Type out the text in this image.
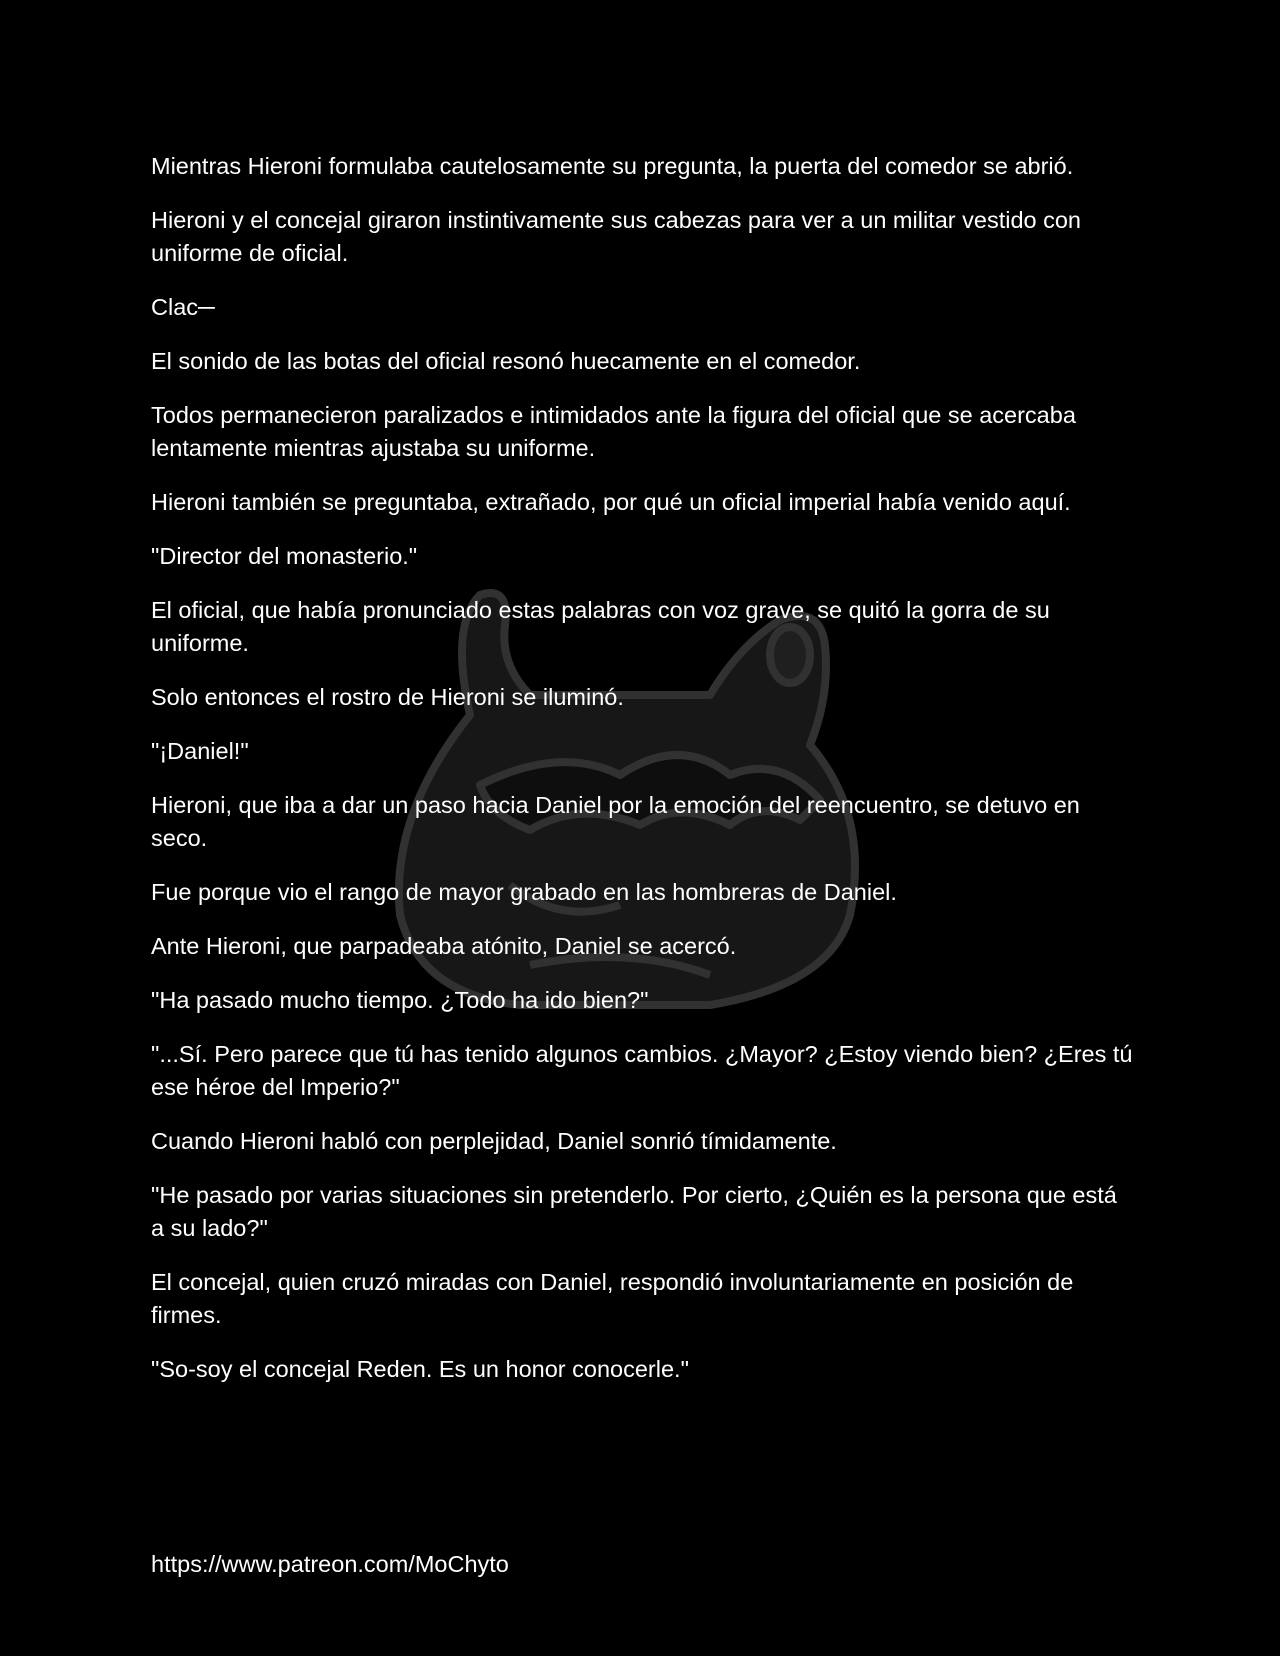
Mientras Hieroni formulaba cautelosamente su pregunta, la puerta del comedor se abrió.

Hieroni y el concejal giraron instintivamente sus cabezas para ver a un militar vestido con uniforme de oficial.

Clac─

El sonido de las botas del oficial resonó huecamente en el comedor.

Todos permanecieron paralizados e intimidados ante la figura del oficial que se acercaba lentamente mientras ajustaba su uniforme.

Hieroni también se preguntaba, extrañado, por qué un oficial imperial había venido aquí.

"Director del monasterio."

El oficial, que había pronunciado estas palabras con voz grave, se quitó la gorra de su uniforme.

Solo entonces el rostro de Hieroni se iluminó.

"¡Daniel!"

Hieroni, que iba a dar un paso hacia Daniel por la emoción del reencuentro, se detuvo en seco.

Fue porque vio el rango de mayor grabado en las hombreras de Daniel.

Ante Hieroni, que parpadeaba atónito, Daniel se acercó.

"Ha pasado mucho tiempo. ¿Todo ha ido bien?"

"...Sí. Pero parece que tú has tenido algunos cambios. ¿Mayor? ¿Estoy viendo bien? ¿Eres tú ese héroe del Imperio?"

Cuando Hieroni habló con perplejidad, Daniel sonrió tímidamente.

"He pasado por varias situaciones sin pretenderlo. Por cierto, ¿Quién es la persona que está a su lado?"

El concejal, quien cruzó miradas con Daniel, respondió involuntariamente en posición de firmes.

"So-soy el concejal Reden. Es un honor conocerle."

https://www.patreon.com/MoChyto
